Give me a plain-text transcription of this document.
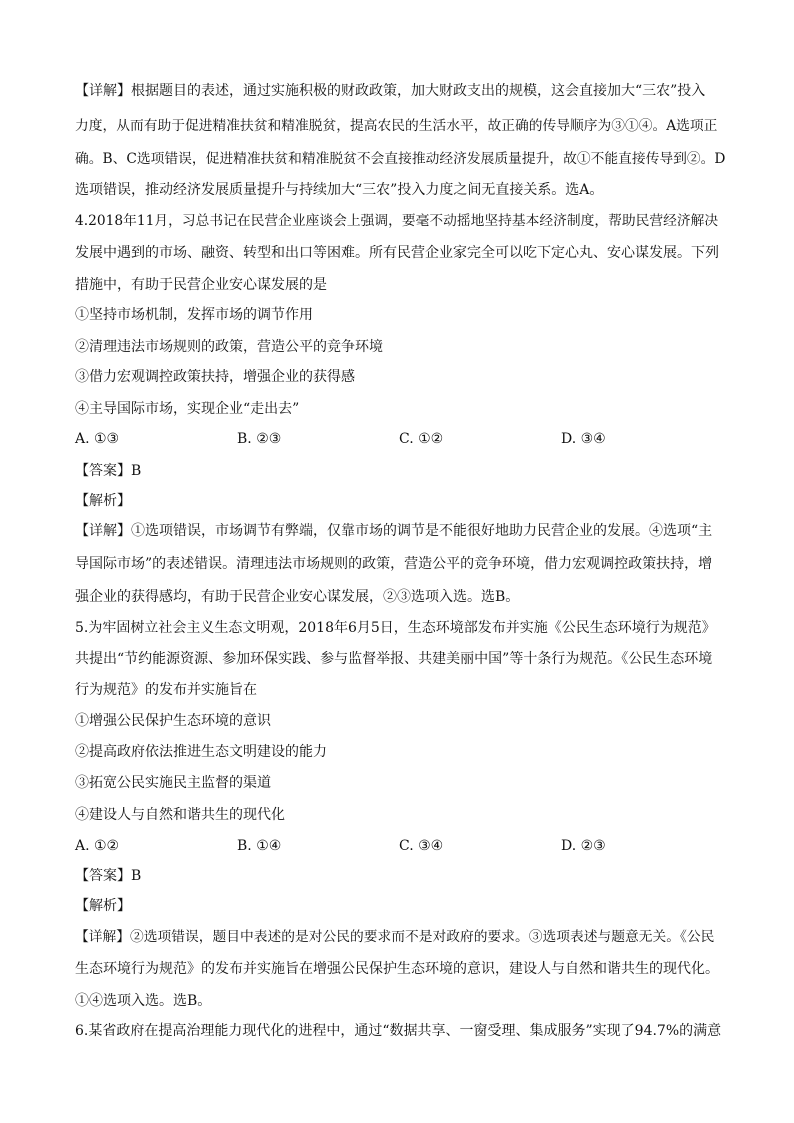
【详解】根据题目的表述，通过实施积极的财政政策，加大财政支出的规模，这会直接加大“三农”投入
力度，从而有助于促进精准扶贫和精准脱贫，提高农民的生活水平，故正确的传导顺序为③①④。A选项正
确。B、C选项错误，促进精准扶贫和精准脱贫不会直接推动经济发展质量提升，故①不能直接传导到②。D
选项错误，推动经济发展质量提升与持续加大“三农”投入力度之间无直接关系。选A。
4.2018年11月，习总书记在民营企业座谈会上强调，要毫不动摇地坚持基本经济制度，帮助民营经济解决
发展中遇到的市场、融资、转型和出口等困难。所有民营企业家完全可以吃下定心丸、安心谋发展。下列
措施中，有助于民营企业安心谋发展的是
①坚持市场机制，发挥市场的调节作用
②清理违法市场规则的政策，营造公平的竞争环境
③借力宏观调控政策扶持，增强企业的获得感
④主导国际市场，实现企业“走出去”
A. ①③	B. ②③	C. ①②	D. ③④
【答案】B
【解析】
【详解】①选项错误，市场调节有弊端，仅靠市场的调节是不能很好地助力民营企业的发展。④选项“主
导国际市场”的表述错误。清理违法市场规则的政策，营造公平的竞争环境，借力宏观调控政策扶持，增
强企业的获得感均，有助于民营企业安心谋发展，②③选项入选。选B。
5.为牢固树立社会主义生态文明观，2018年6月5日，生态环境部发布并实施《公民生态环境行为规范》
共提出“节约能源资源、参加环保实践、参与监督举报、共建美丽中国”等十条行为规范。《公民生态环境
行为规范》的发布并实施旨在
①增强公民保护生态环境的意识
②提高政府依法推进生态文明建设的能力
③拓宽公民实施民主监督的渠道
④建设人与自然和谐共生的现代化
A. ①②	B. ①④	C. ③④	D. ②③
【答案】B
【解析】
【详解】②选项错误，题目中表述的是对公民的要求而不是对政府的要求。③选项表述与题意无关。《公民
生态环境行为规范》的发布并实施旨在增强公民保护生态环境的意识，建设人与自然和谐共生的现代化。
①④选项入选。选B。
6.某省政府在提高治理能力现代化的进程中，通过“数据共享、一窗受理、集成服务”实现了94.7%的满意
